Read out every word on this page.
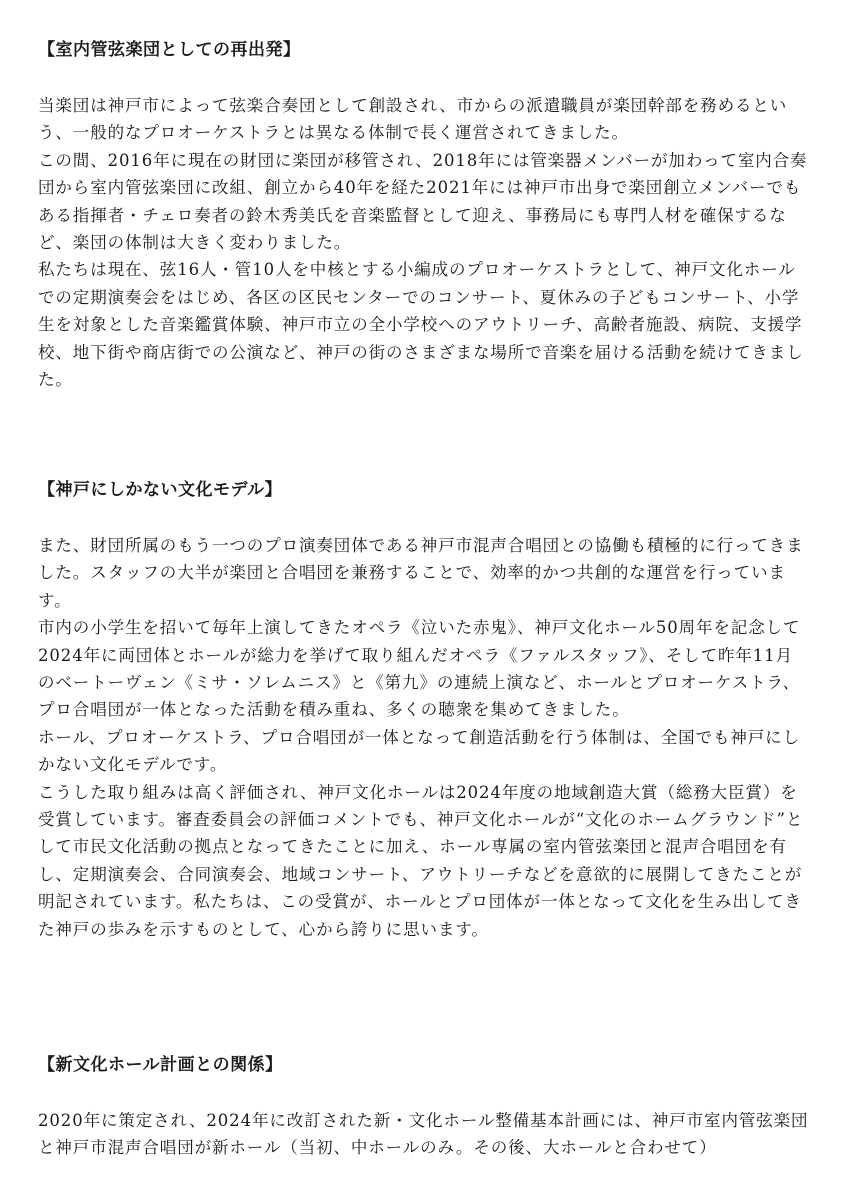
【室内管弦楽団としての再出発】

当楽団は神戸市によって弦楽合奏団として創設され、市からの派遣職員が楽団幹部を務めるという、一般的なプロオーケストラとは異なる体制で長く運営されてきました。

この間、2016年に現在の財団に楽団が移管され、2018年には管楽器メンバーが加わって室内合奏団から室内管弦楽団に改組、創立から40年を経た2021年には神戸市出身で楽団創立メンバーでもある指揮者・チェロ奏者の鈴木秀美氏を音楽監督として迎え、事務局にも専門人材を確保するなど、楽団の体制は大きく変わりました。

私たちは現在、弦16人・管10人を中核とする小編成のプロオーケストラとして、神戸文化ホールでの定期演奏会をはじめ、各区の区民センターでのコンサート、夏休みの子どもコンサート、小学生を対象とした音楽鑑賞体験、神戸市立の全小学校へのアウトリーチ、高齢者施設、病院、支援学校、地下街や商店街での公演など、神戸の街のさまざまな場所で音楽を届ける活動を続けてきました。

【神戸にしかない文化モデル】

また、財団所属のもう一つのプロ演奏団体である神戸市混声合唱団との協働も積極的に行ってきました。スタッフの大半が楽団と合唱団を兼務することで、効率的かつ共創的な運営を行っています。

市内の小学生を招いて毎年上演してきたオペラ《泣いた赤鬼》、神戸文化ホール50周年を記念して2024年に両団体とホールが総力を挙げて取り組んだオペラ《ファルスタッフ》、そして昨年11月のベートーヴェン《ミサ・ソレムニス》と《第九》の連続上演など、ホールとプロオーケストラ、プロ合唱団が一体となった活動を積み重ね、多くの聴衆を集めてきました。

ホール、プロオーケストラ、プロ合唱団が一体となって創造活動を行う体制は、全国でも神戸にしかない文化モデルです。

こうした取り組みは高く評価され、神戸文化ホールは2024年度の地域創造大賞（総務大臣賞）を受賞しています。審査委員会の評価コメントでも、神戸文化ホールが“文化のホームグラウンド”として市民文化活動の拠点となってきたことに加え、ホール専属の室内管弦楽団と混声合唱団を有し、定期演奏会、合同演奏会、地域コンサート、アウトリーチなどを意欲的に展開してきたことが明記されています。私たちは、この受賞が、ホールとプロ団体が一体となって文化を生み出してきた神戸の歩みを示すものとして、心から誇りに思います。

【新文化ホール計画との関係】

2020年に策定され、2024年に改訂された新・文化ホール整備基本計画には、神戸市室内管弦楽団と神戸市混声合唱団が新ホール（当初、中ホールのみ。その後、大ホールと合わせて）
